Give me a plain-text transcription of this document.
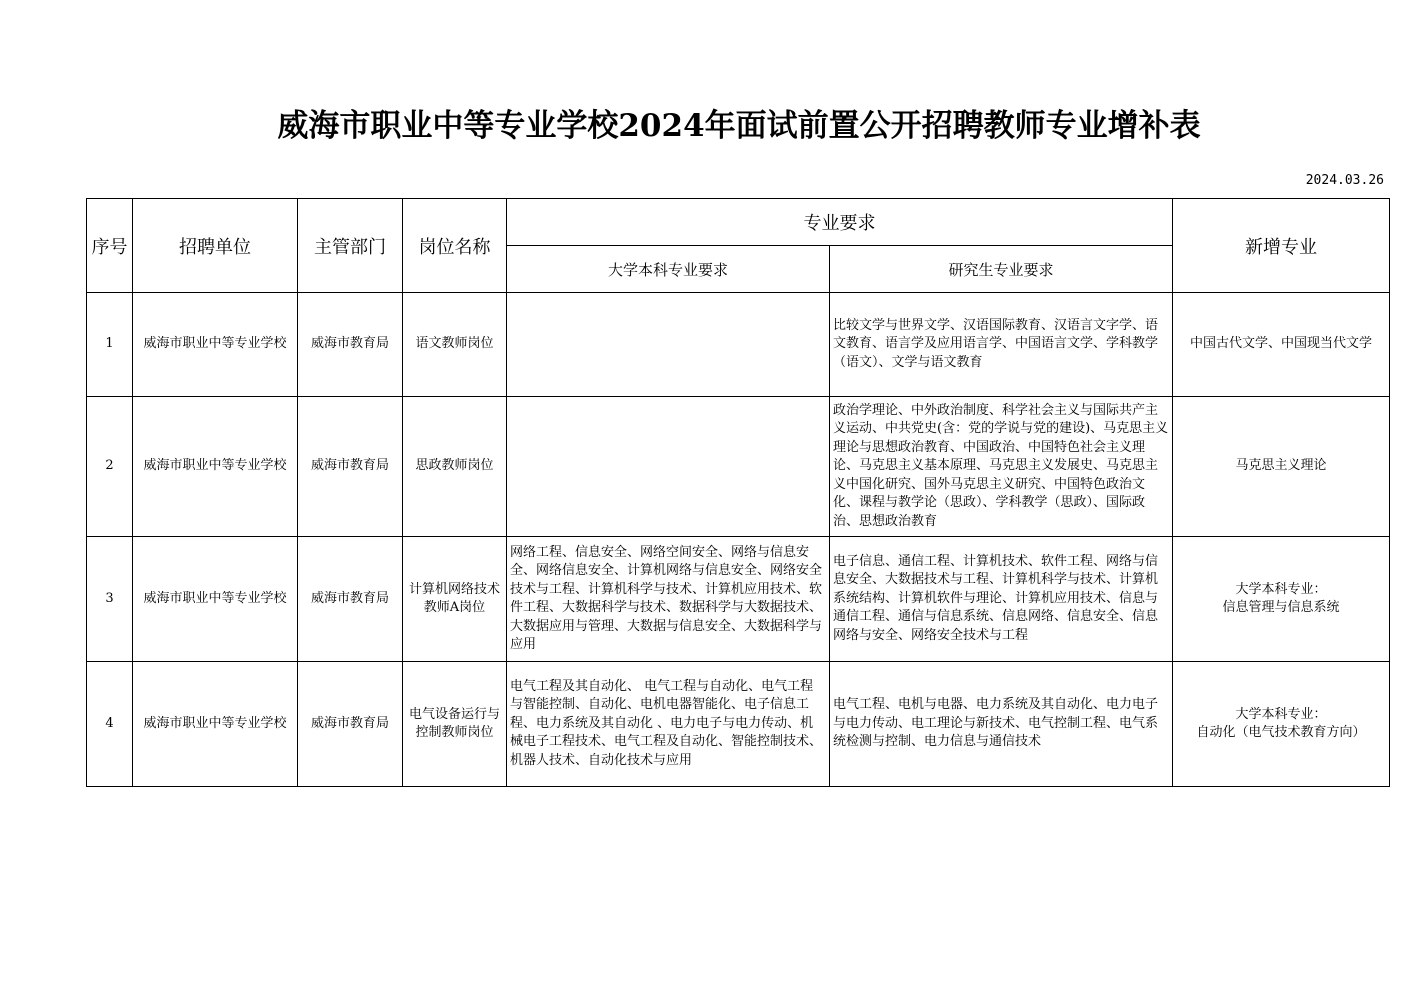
威海市职业中等专业学校2024年面试前置公开招聘教师专业增补表
2024.03.26
序号	招聘单位	主管部门	岗位名称	专业要求		新增专业
				大学本科专业要求	研究生专业要求	
1	威海市职业中等专业学校	威海市教育局	语文教师岗位		比较文学与世界文学、汉语国际教育、汉语言文字学、语文教育、语言学及应用语言学、中国语言文学、学科教学（语文）、文学与语文教育	中国古代文学、中国现当代文学
2	威海市职业中等专业学校	威海市教育局	思政教师岗位		政治学理论、中外政治制度、科学社会主义与国际共产主义运动、中共党史(含：党的学说与党的建设)、马克思主义理论与思想政治教育、中国政治、中国特色社会主义理论、马克思主义基本原理、马克思主义发展史、马克思主义中国化研究、国外马克思主义研究、中国特色政治文化、课程与教学论（思政）、学科教学（思政）、国际政治、思想政治教育	马克思主义理论
3	威海市职业中等专业学校	威海市教育局	计算机网络技术教师A岗位	网络工程、信息安全、网络空间安全、网络与信息安全、网络信息安全、计算机网络与信息安全、网络安全技术与工程、计算机科学与技术、计算机应用技术、软件工程、大数据科学与技术、数据科学与大数据技术、大数据应用与管理、大数据与信息安全、大数据科学与应用	电子信息、通信工程、计算机技术、软件工程、网络与信息安全、大数据技术与工程、计算机科学与技术、计算机系统结构、计算机软件与理论、计算机应用技术、信息与通信工程、通信与信息系统、信息网络、信息安全、信息网络与安全、网络安全技术与工程	大学本科专业：
信息管理与信息系统

4	威海市职业中等专业学校	威海市教育局	电气设备运行与控制教师岗位	电气工程及其自动化、 电气工程与自动化、电气工程与智能控制、自动化、电机电器智能化、电子信息工程、电力系统及其自动化 、电力电子与电力传动、机械电子工程技术、电气工程及自动化、智能控制技术、机器人技术、自动化技术与应用	电气工程、电机与电器、电力系统及其自动化、电力电子与电力传动、电工理论与新技术、电气控制工程、电气系统检测与控制、电力信息与通信技术	大学本科专业：
自动化（电气技术教育方向）
